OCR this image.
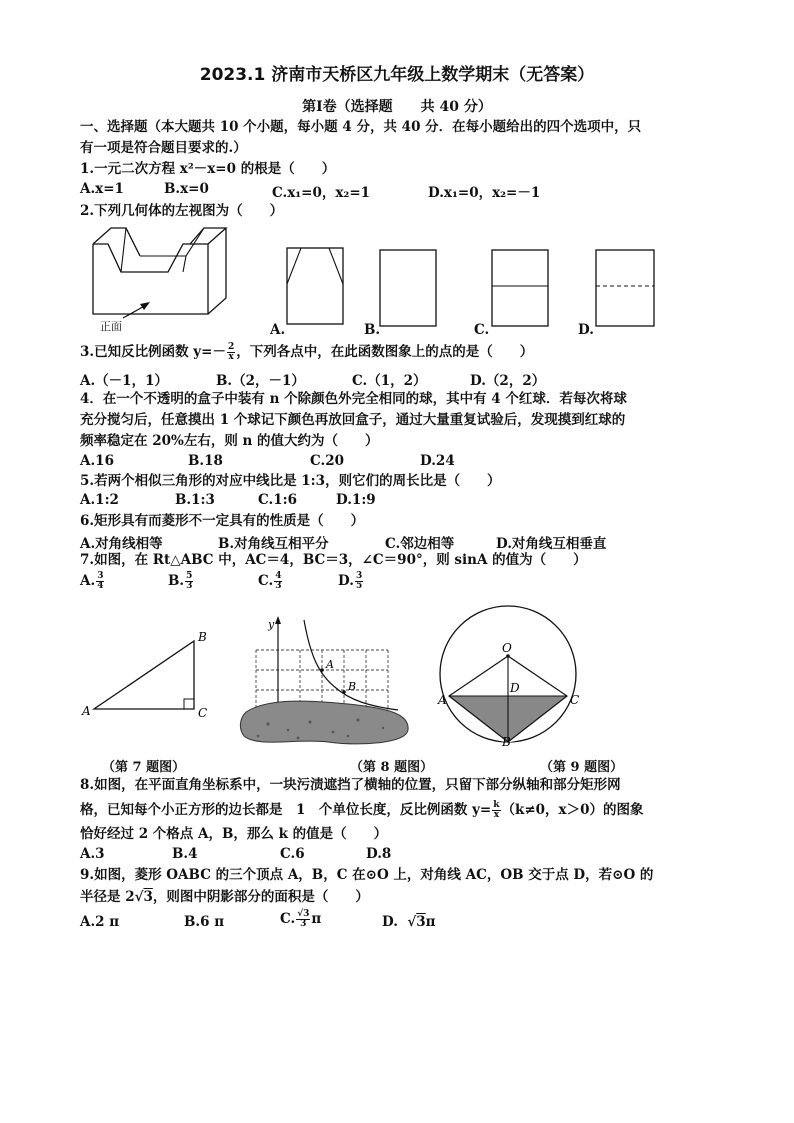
2023.1 济南市天桥区九年级上数学期末（无答案）
第Ⅰ卷（选择题　　共 40 分）
一、选择题（本大题共 10 个小题，每小题 4 分，共 40 分．在每小题给出的四个选项中，只
有一项是符合题目要求的.）
1.一元二次方程 x²－x=0 的根是（　　）
A.x=1	B.x=0	C.x₁=0，x₂=1	D.x₁=0，x₂=－1
2.下列几何体的左视图为（　　）
正面	A.	B.	C.	D.
3.已知反比例函数 $y=- \frac{2}{x}$ ，下列各点中，在此函数图象上的点的是（　　）
A.（－1，1）	B.（2，－1）	C.（1，2）	D.（2，2）
4．在一个不透明的盒子中装有 n 个除颜色外完全相同的球，其中有 4 个红球．若每次将球
充分搅匀后，任意摸出 1 个球记下颜色再放回盒子，通过大量重复试验后，发现摸到红球的
频率稳定在 20%左右，则 n 的值大约为（　　）
A.16	B.18	C.20	D.24
5.若两个相似三角形的对应中线比是 1:3，则它们的周长比是（　　）
A.1:2	B.1:3	C.1:6	D.1:9
6.矩形具有而菱形不一定具有的性质是（　　）
A.对角线相等	B.对角线互相平分	C.邻边相等	D.对角线互相垂直
7.如图，在 Rt△ABC 中，AC＝4，BC＝3，∠C＝90°，则 sinA 的值为（　　）
A. $\frac{3}{4}$	B. $\frac{5}{3}$	C. $\frac{4}{3}$	D. $\frac{3}{5}$
A
B
C
y
A
B
O
A
D
C
B
（第 7 题图）	（第 8 题图）	（第 9 题图）
8.如图，在平面直角坐标系中，一块污渍遮挡了横轴的位置，只留下部分纵轴和部分矩形网
格，已知每个小正方形的边长都是　1　个单位长度，反比例函数 $y= \frac{k}{x} (k\ne 0$，x＞0）的图象
恰好经过 2 个格点 A，B，那么 k 的值是（　　）
A.3	B.4	C.6	D.8
9.如图，菱形 OABC 的三个顶点 A，B，C 在⊙O 上，对角线 AC，OB 交于点 D，若⊙O 的
半径是 2√3，则图中阴影部分的面积是（　　）
A.2 π	B.6 π	C. $\frac{√3}{3}$ π	D. √3π
